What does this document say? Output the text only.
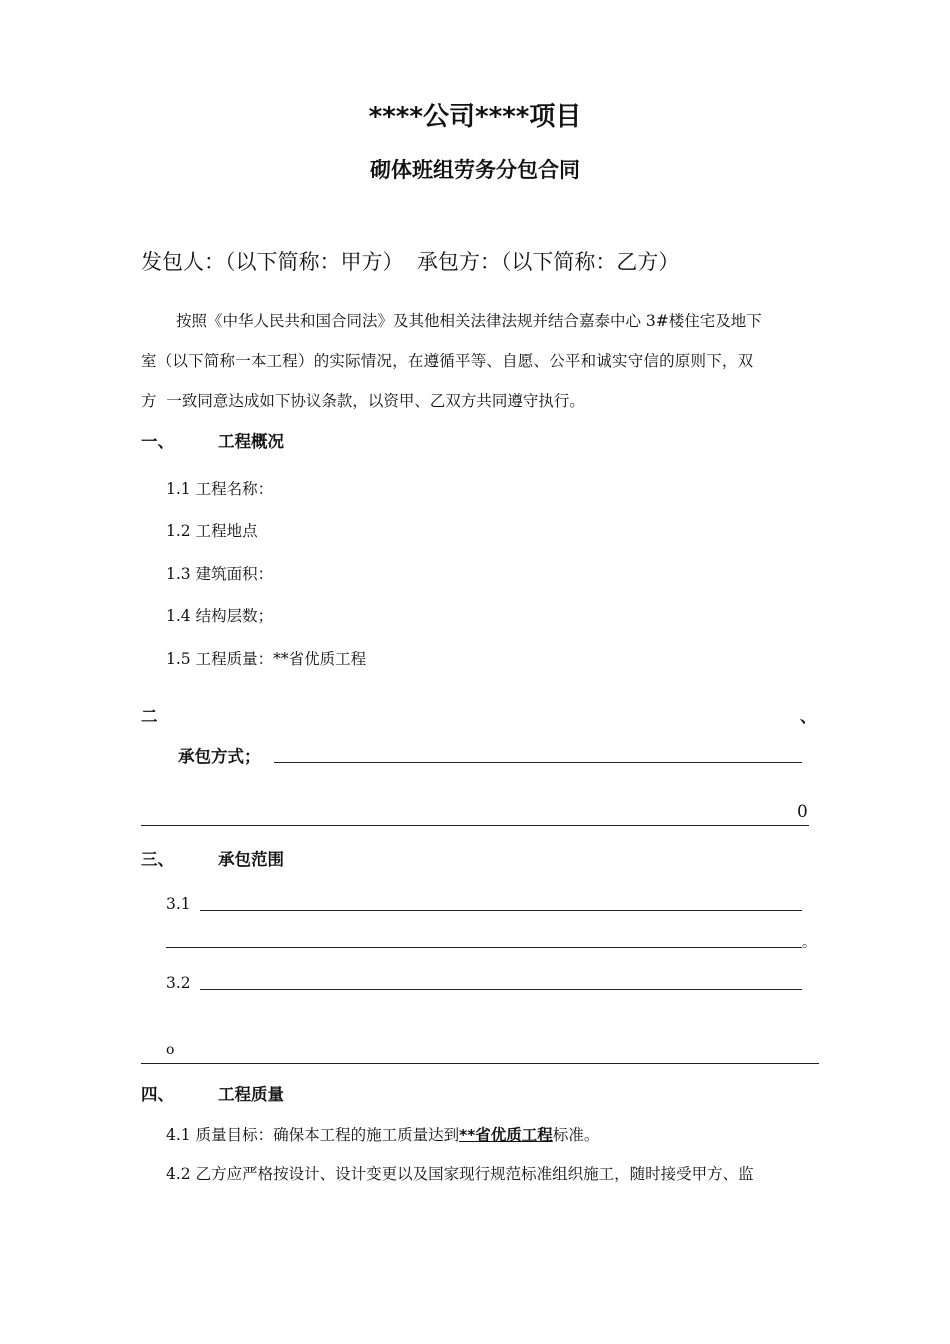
****公司****项目
砌体班组劳务分包合同
发包人：（以下简称：甲方）  承包方：（以下简称：乙方）
按照《中华人民共和国合同法》及其他相关法律法规并结合嘉泰中心 3#楼住宅及地下
室（以下简称一本工程）的实际情况，在遵循平等、自愿、公平和诚实守信的原则下，双
方  一致同意达成如下协议条款，以资甲、乙双方共同遵守执行。
一、	工程概况
1.1 工程名称：
1.2 工程地点
1.3 建筑面积：
1.4 结构层数；
1.5 工程质量：**省优质工程
二	、
承包方式；
0
三、	承包范围
3.1
。
3.2
o
四、	工程质量
4.1 质量目标：确保本工程的施工质量达到**省优质工程标准。
4.2 乙方应严格按设计、设计变更以及国家现行规范标准组织施工，随时接受甲方、监
